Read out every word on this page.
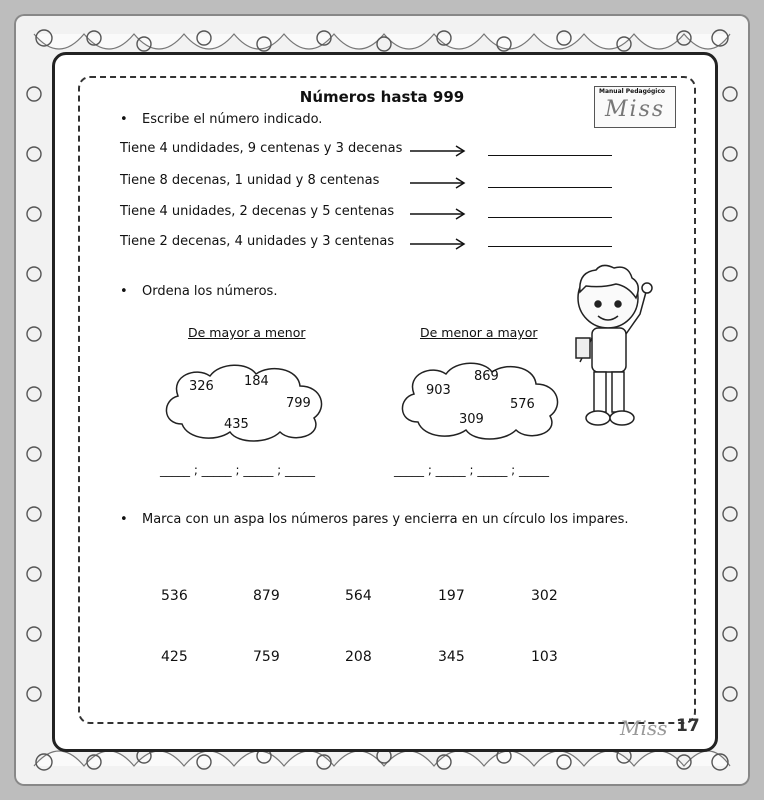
Números hasta 999	Manual Pedagógico
Miss
• Escribe el número indicado.
Tiene 4 undidades, 9 centenas y 3 decenas
Tiene 8 decenas, 1 unidad y 8 centenas
Tiene 4 unidades, 2 decenas y 5 centenas
Tiene 2 decenas, 4 unidades y 3 centenas
• Ordena los números.
De mayor a menor	De menor a mayor
326 184
799
435
869
903
576
309
_____ ; _____ ; _____ ; _____	_____ ; _____ ; _____ ; _____
• Marca con un aspa los números pares y encierra en un círculo los impares.
536	879	564	197	302
425	759	208	345	103
Miss 17
